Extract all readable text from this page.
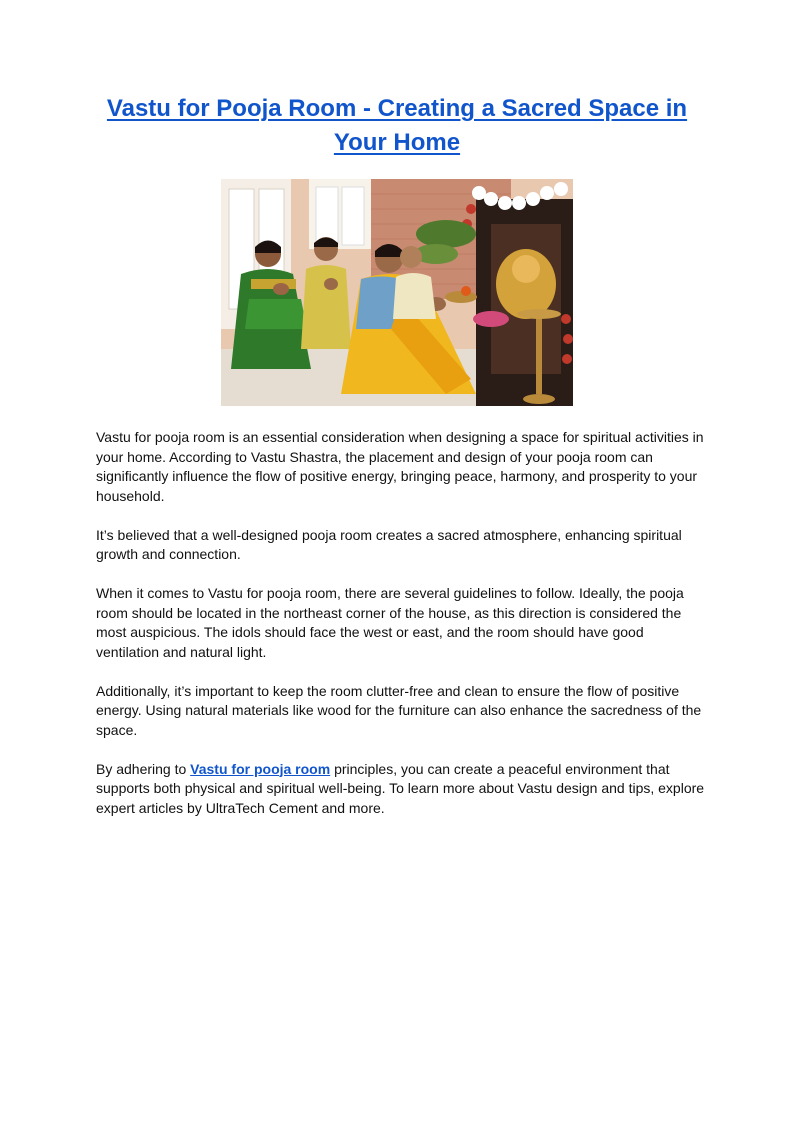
Vastu for Pooja Room - Creating a Sacred Space in Your Home

Vastu for pooja room is an essential consideration when designing a space for spiritual activities in your home. According to Vastu Shastra, the placement and design of your pooja room can significantly influence the flow of positive energy, bringing peace, harmony, and prosperity to your household.

It’s believed that a well-designed pooja room creates a sacred atmosphere, enhancing spiritual growth and connection.

When it comes to Vastu for pooja room, there are several guidelines to follow. Ideally, the pooja room should be located in the northeast corner of the house, as this direction is considered the most auspicious. The idols should face the west or east, and the room should have good ventilation and natural light.

Additionally, it’s important to keep the room clutter-free and clean to ensure the flow of positive energy. Using natural materials like wood for the furniture can also enhance the sacredness of the space.

By adhering to Vastu for pooja room principles, you can create a peaceful environment that supports both physical and spiritual well-being. To learn more about Vastu design and tips, explore expert articles by UltraTech Cement and more.
